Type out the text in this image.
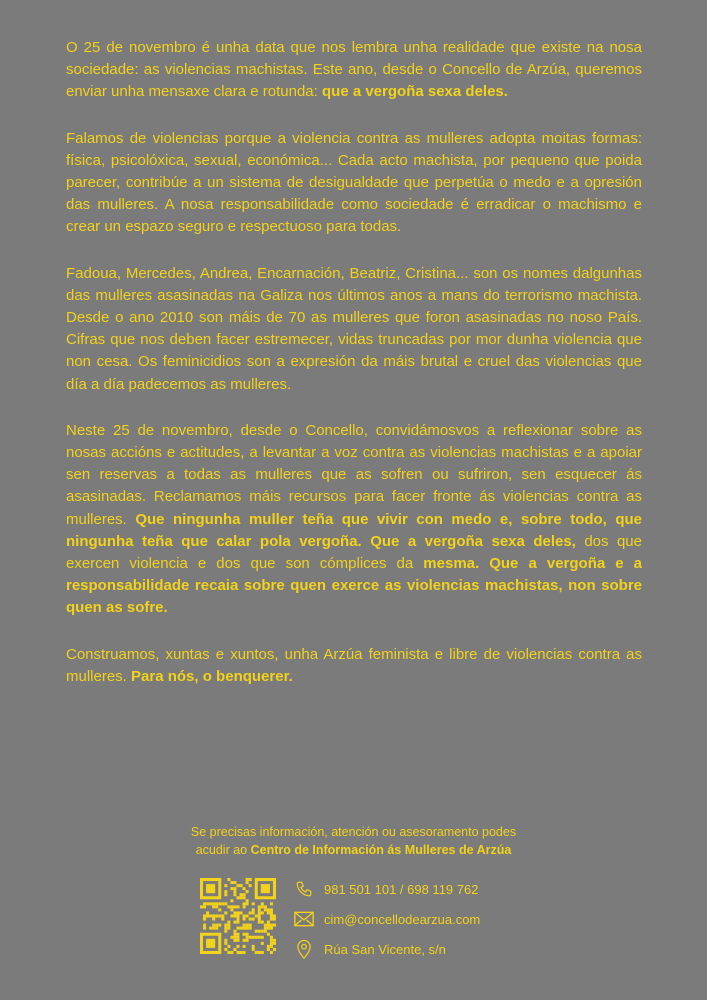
O 25 de novembro é unha data que nos lembra unha realidade que existe na nosa sociedade: as violencias machistas. Este ano, desde o Concello de Arzúa, queremos enviar unha mensaxe clara e rotunda: que a vergoña sexa deles.

Falamos de violencias porque a violencia contra as mulleres adopta moitas formas: física, psicolóxica, sexual, económica... Cada acto machista, por pequeno que poida parecer, contribúe a un sistema de desigualdade que perpetúa o medo e a opresión das mulleres. A nosa responsabilidade como sociedade é erradicar o machismo e crear un espazo seguro e respectuoso para todas.

Fadoua, Mercedes, Andrea, Encarnación, Beatriz, Cristina... son os nomes dalgunhas das mulleres asasinadas na Galiza nos últimos anos a mans do terrorismo machista. Desde o ano 2010 son máis de 70 as mulleres que foron asasinadas no noso País. Cifras que nos deben facer estremecer, vidas truncadas por mor dunha violencia que non cesa. Os feminicidios son a expresión da máis brutal e cruel das violencias que día a día padecemos as mulleres.

Neste 25 de novembro, desde o Concello, convidámosvos a reflexionar sobre as nosas accións e actitudes, a levantar a voz contra as violencias machistas e a apoiar sen reservas a todas as mulleres que as sofren ou sufriron, sen esquecer ás asasinadas. Reclamamos máis recursos para facer fronte ás violencias contra as mulleres. Que ningunha muller teña que vivir con medo e, sobre todo, que ningunha teña que calar pola vergoña. Que a vergoña sexa deles, dos que exercen violencia e dos que son cómplices da mesma. Que a vergoña e a responsabilidade recaia sobre quen exerce as violencias machistas, non sobre quen as sofre.

Construamos, xuntas e xuntos, unha Arzúa feminista e libre de violencias contra as mulleres. Para nós, o benquerer.

Se precisas información, atención ou asesoramento podes
acudir ao Centro de Información ás Mulleres de Arzúa
981 501 101 / 698 119 762
cim@concellodearzua.com
Rúa San Vicente, s/n
